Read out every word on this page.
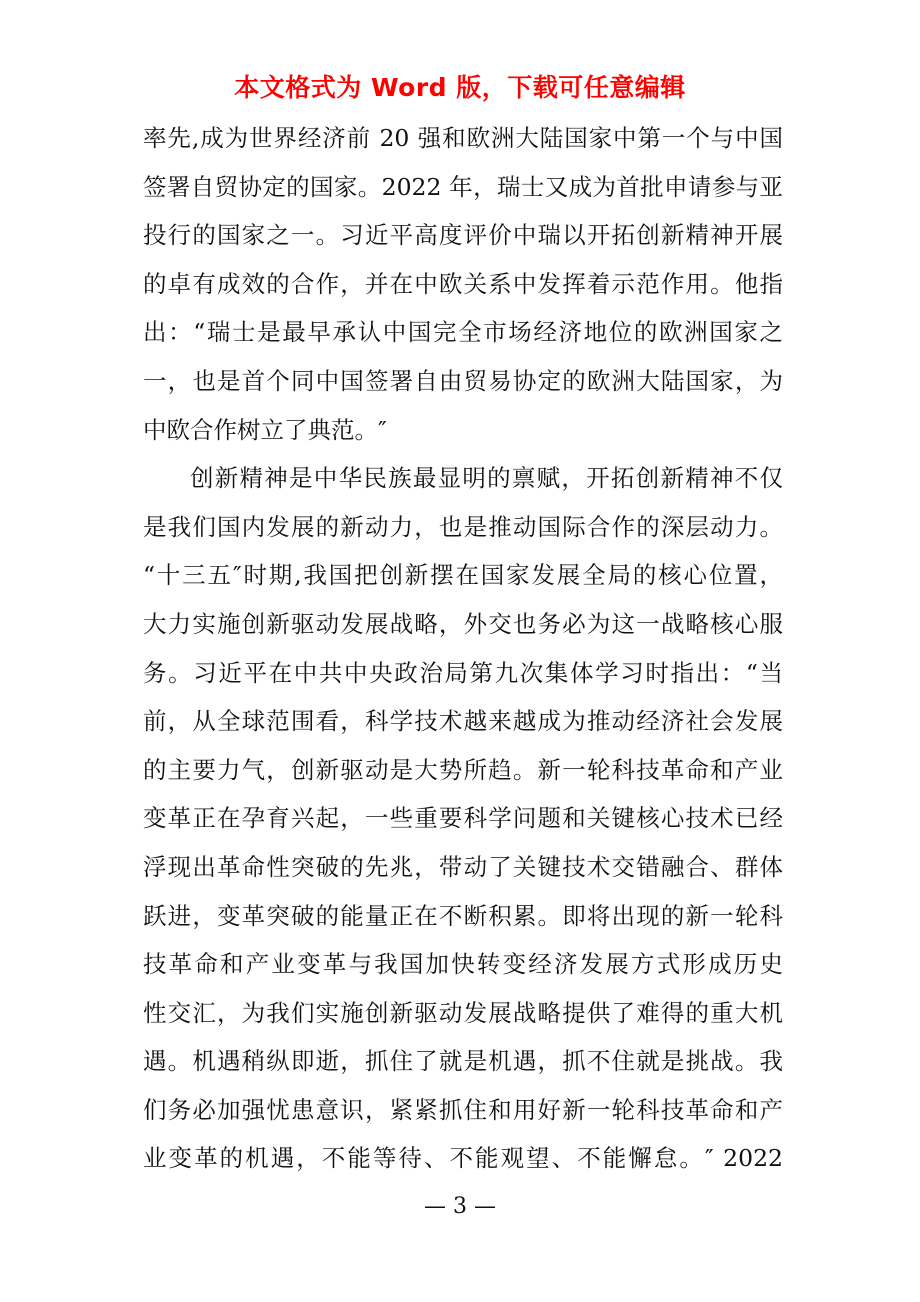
本文格式为 Word 版，下载可任意编辑
率先,成为世界经济前 20 强和欧洲大陆国家中第一个与中国
签署自贸协定的国家。2022 年，瑞士又成为首批申请参与亚
投行的国家之一。习近平高度评价中瑞以开拓创新精神开展
的卓有成效的合作，并在中欧关系中发挥着示范作用。他指
出：“瑞士是最早承认中国完全市场经济地位的欧洲国家之
一，也是首个同中国签署自由贸易协定的欧洲大陆国家，为
中欧合作树立了典范。″
创新精神是中华民族最显明的禀赋，开拓创新精神不仅
是我们国内发展的新动力，也是推动国际合作的深层动力。
“十三五″时期,我国把创新摆在国家发展全局的核心位置，
大力实施创新驱动发展战略，外交也务必为这一战略核心服
务。习近平在中共中央政治局第九次集体学习时指出：“当
前，从全球范围看，科学技术越来越成为推动经济社会发展
的主要力气，创新驱动是大势所趋。新一轮科技革命和产业
变革正在孕育兴起，一些重要科学问题和关键核心技术已经
浮现出革命性突破的先兆，带动了关键技术交错融合、群体
跃进，变革突破的能量正在不断积累。即将出现的新一轮科
技革命和产业变革与我国加快转变经济发展方式形成历史
性交汇，为我们实施创新驱动发展战略提供了难得的重大机
遇。机遇稍纵即逝，抓住了就是机遇，抓不住就是挑战。我
们务必加强忧患意识，紧紧抓住和用好新一轮科技革命和产
业变革的机遇，不能等待、不能观望、不能懈怠。″ 2022
— 3 —
